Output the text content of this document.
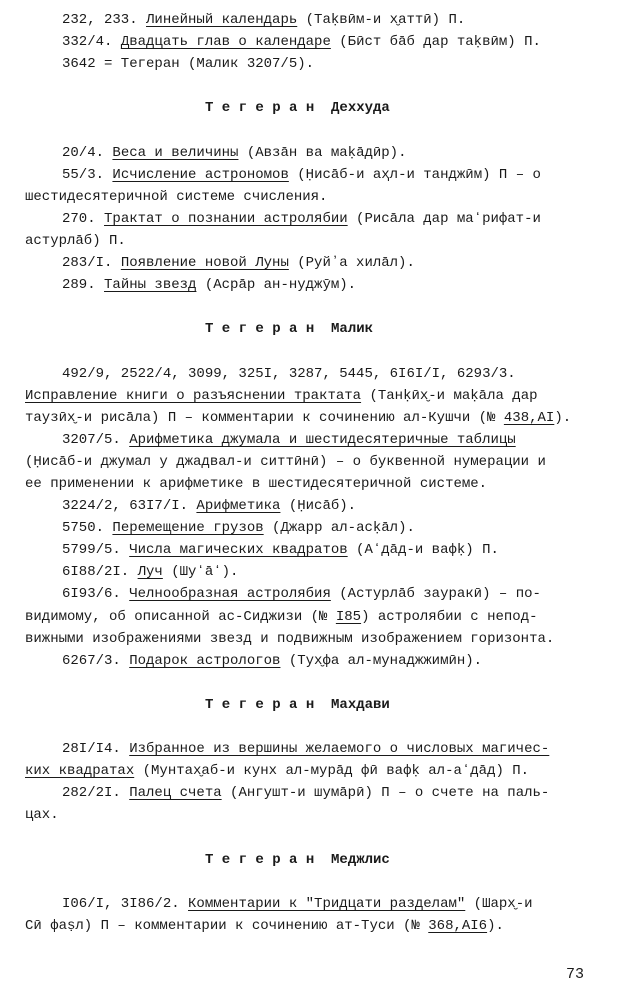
232, 233. Линейный календарь (Таḳвӣм-и х̮аттӣ) П.
332/4. Двадцать глав о календаре (Бӣст бāб дар таḳвӣм) П.
3642 = Тегеран (Малик 3207/5).
Т е г е р а н  Деххуда
20/4. Веса и величины (Авзāн ва маḳāдӣр).
55/3. Исчисление астрономов (Ḥисāб-и аҳл-и танджӣм) П – о
шестидесятеричной системе счисления.
270. Трактат о познании астролябии (Рисāла дар маʻрифат-и
астурлāб) П.
283/I. Появление новой Луны (Руйʼа хилāл).
289. Тайны звезд (Асрāр ан-нуджӯм).
Т е г е р а н  Малик
492/9, 2522/4, 3099, 325I, 3287, 5445, 6I6I/I, 6293/3.
Исправление книги о разъяснении трактата (Танḳӣх̮-и маḳāла дар
таузӣх̮-и рисāла) П – комментарии к сочинению ал-Кушчи (№ 438,AI).
3207/5. Арифметика джумала и шестидесятеричные таблицы
(Ḥисāб-и джумал у джадвал-и ситтӣнӣ) – о буквенной нумерации и
ее применении к арифметике в шестидесятеричной системе.
3224/2, 63I7/I. Арифметика (Ḥисāб).
5750. Перемещение грузов (Джарр ал-асḳāл).
5799/5. Числа магических квадратов (Аʻдāд-и вафḳ) П.
6I88/2I. Луч (Шуʻāʻ).
6I93/6. Челнообразная астролябия (Астурлāб зауракӣ) – по-
видимому, об описанной ас-Сиджизи (№ I85) астролябии с непод-
вижными изображениями звезд и подвижным изображением горизонта.
6267/3. Подарок астрологов (Тух̮фа ал-мунаджжимӣн).
Т е г е р а н  Махдави
28I/I4. Избранное из вершины желаемого о числовых магичес-
ких квадратах (Мунтах̮аб-и кунх ал-мурāд фӣ вафḳ ал-аʻдāд) П.
282/2I. Палец счета (Ангушт-и шумāрӣ) П – о счете на паль-
цах.
Т е г е р а н  Меджлис
I06/I, 3I86/2. Комментарии к "Тридцати разделам" (Шарх̮-и
Сӣ фаṣл) П – комментарии к сочинению ат-Туси (№ 368,AI6).
73
